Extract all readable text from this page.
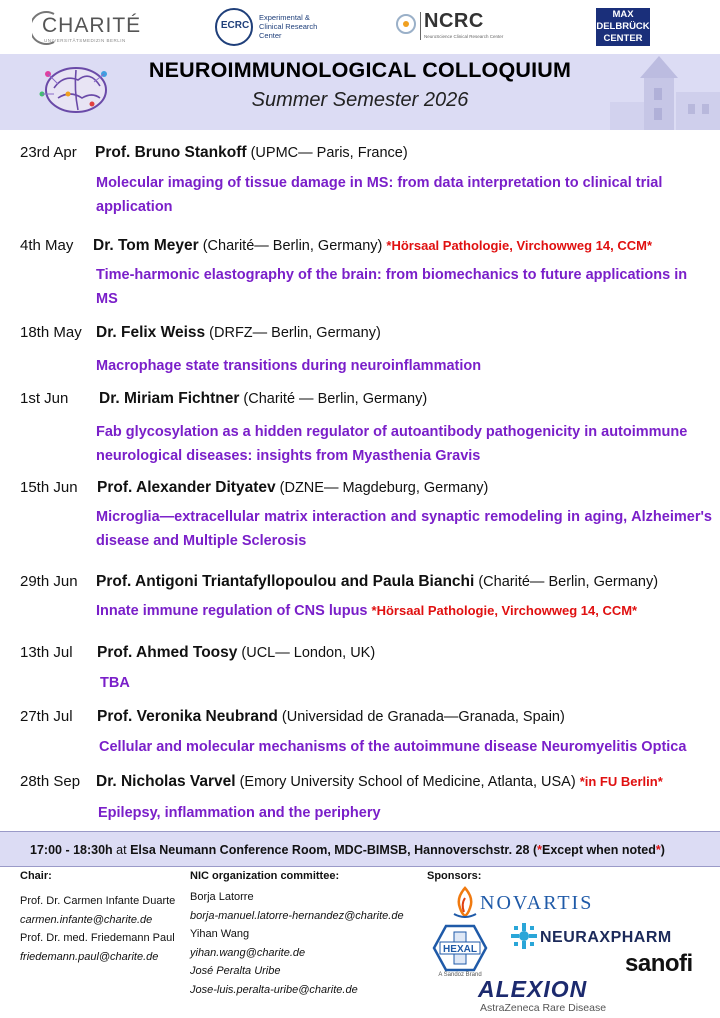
CHARITÉ
UNIVERSITÄTSMEDIZIN BERLIN
ECRC
Experimental &
Clinical Research
Center
NCRC
NeuroScience Clinical Research Center
MAX
DELBRÜCK
CENTER
NEUROIMMUNOLOGICAL COLLOQUIUM
Summer Semester 2026
23rd Apr Prof. Bruno Stankoff (UPMC— Paris, France)
Molecular imaging of tissue damage in MS: from data interpretation to clinical trial application
4th May Dr. Tom Meyer (Charité— Berlin, Germany) *Hörsaal Pathologie, Virchowweg 14, CCM*
Time-harmonic elastography of the brain: from biomechanics to future applications in MS
18th May Dr. Felix Weiss (DRFZ— Berlin, Germany)
Macrophage state transitions during neuroinflammation
1st Jun Dr. Miriam Fichtner (Charité — Berlin, Germany)
Fab glycosylation as a hidden regulator of autoantibody pathogenicity in autoimmune neurological diseases: insights from Myasthenia Gravis
15th Jun Prof. Alexander Dityatev (DZNE— Magdeburg, Germany)
Microglia—extracellular matrix interaction and synaptic remodeling in aging, Alzheimer's disease and Multiple Sclerosis
29th Jun Prof. Antigoni Triantafyllopoulou and Paula Bianchi (Charité— Berlin, Germany)
Innate immune regulation of CNS lupus *Hörsaal Pathologie, Virchowweg 14, CCM*
13th Jul Prof. Ahmed Toosy (UCL— London, UK)
TBA
27th Jul Prof. Veronika Neubrand (Universidad de Granada—Granada, Spain)
Cellular and molecular mechanisms of the autoimmune disease Neuromyelitis Optica
28th Sep Dr. Nicholas Varvel (Emory University School of Medicine, Atlanta, USA) *in FU Berlin*
Epilepsy, inflammation and the periphery
17:00 - 18:30h at Elsa Neumann Conference Room, MDC-BIMSB, Hannoverschstr. 28 (*Except when noted*)
Chair:
Prof. Dr. Carmen Infante Duarte
carmen.infante@charite.de
Prof. Dr. med. Friedemann Paul
friedemann.paul@charite.de
NIC organization committee:
Borja Latorre
borja-manuel.latorre-hernandez@charite.de
Yihan Wang
yihan.wang@charite.de
José Peralta Uribe
Jose-luis.peralta-uribe@charite.de
Sponsors:
NOVARTIS
HEXAL
A Sandoz Brand
NEURAXPHARM
sanofi
ALEXION
AstraZeneca Rare Disease
